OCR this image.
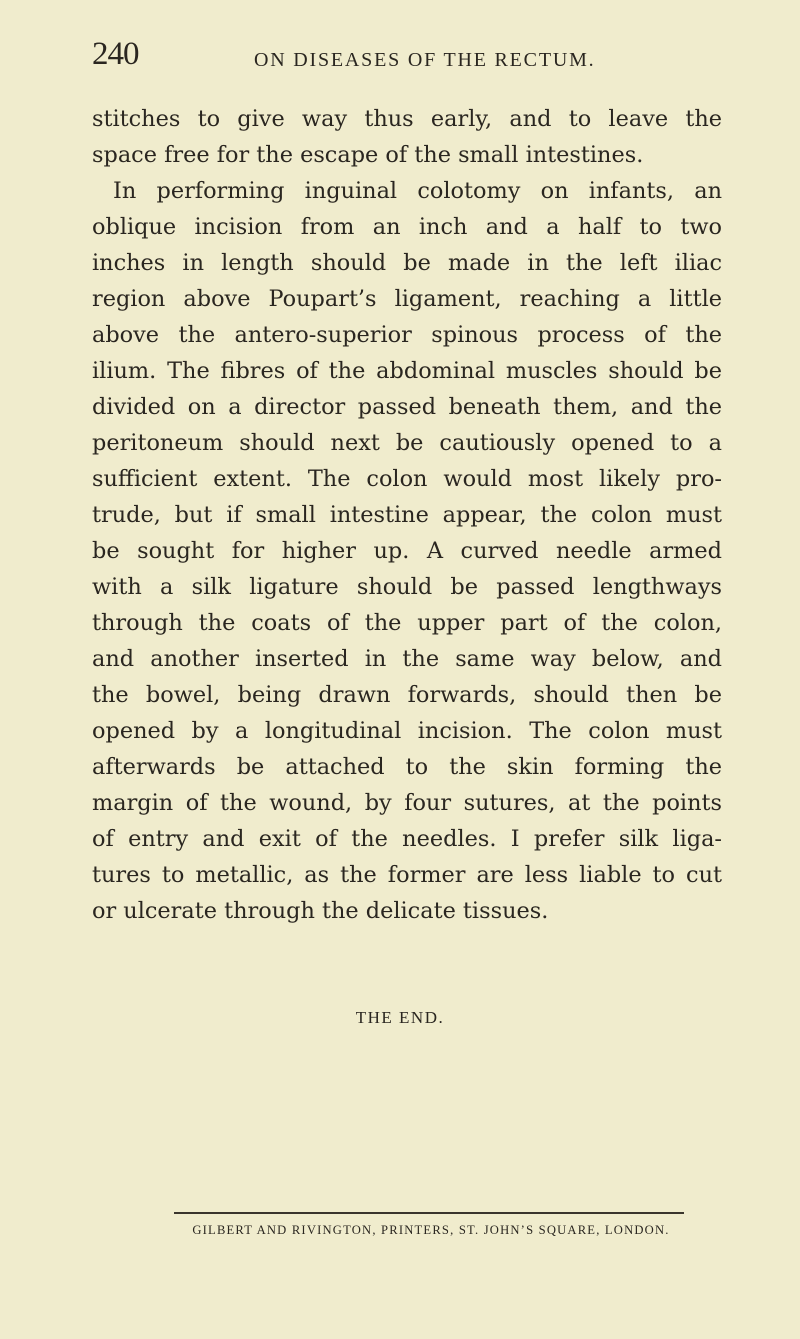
240	ON DISEASES OF THE RECTUM.
stitches to give way thus early, and to leave the
space free for the escape of the small intestines.
In performing inguinal colotomy on infants, an
oblique incision from an inch and a half to two
inches in length should be made in the left iliac
region above Poupart’s ligament, reaching a little
above the antero-superior spinous process of the
ilium. The fibres of the abdominal muscles should be
divided on a director passed beneath them, and the
peritoneum should next be cautiously opened to a
sufficient extent. The colon would most likely pro-
trude, but if small intestine appear, the colon must
be sought for higher up. A curved needle armed
with a silk ligature should be passed lengthways
through the coats of the upper part of the colon,
and another inserted in the same way below, and
the bowel, being drawn forwards, should then be
opened by a longitudinal incision. The colon must
afterwards be attached to the skin forming the
margin of the wound, by four sutures, at the points
of entry and exit of the needles. I prefer silk liga-
tures to metallic, as the former are less liable to cut
or ulcerate through the delicate tissues.
THE END.
GILBERT AND RIVINGTON, PRINTERS, ST. JOHN’S SQUARE, LONDON.
